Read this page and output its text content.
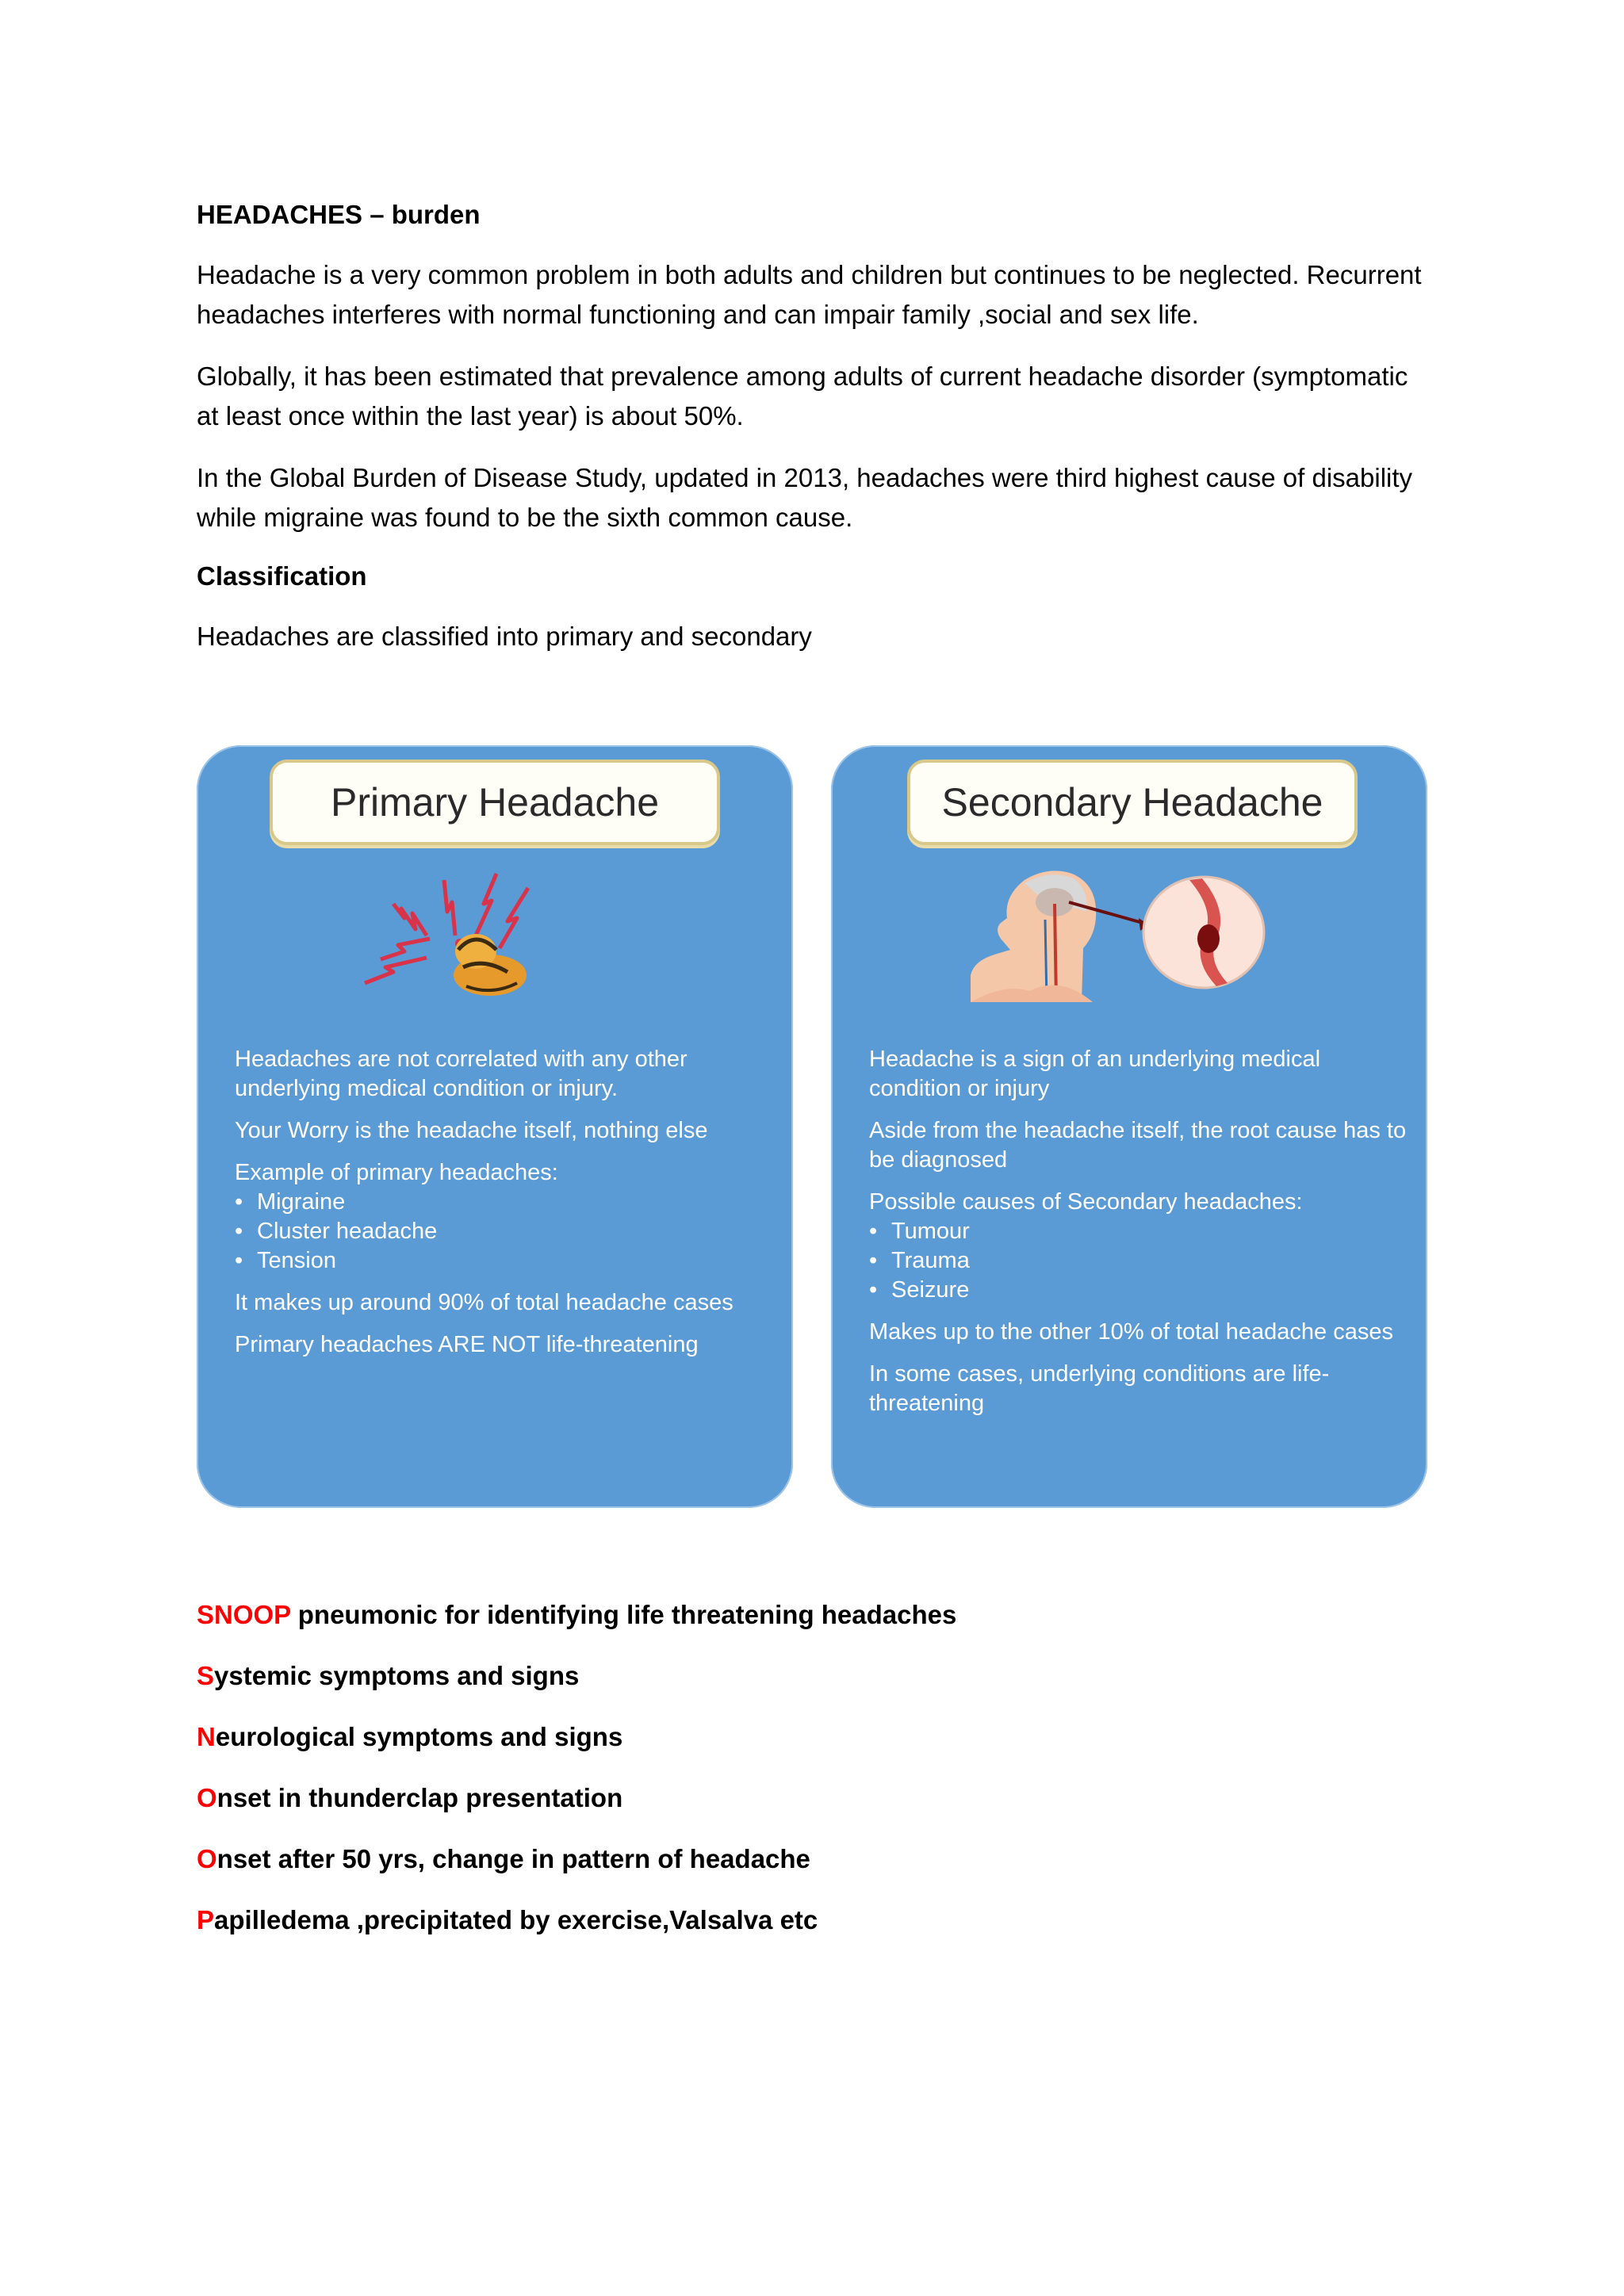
HEADACHES – burden

Headache is a very common problem in both adults and children but continues to be neglected. Recurrent headaches interferes with normal functioning and can impair family ,social and sex life.

Globally, it has been estimated that prevalence among adults of current headache disorder (symptomatic at least once within the last year) is about 50%.

In the Global Burden of Disease Study, updated in 2013, headaches were third highest cause of disability while migraine was found to be the sixth common cause.

Classification

Headaches are classified into primary and secondary

Primary Headache

Headaches are not correlated with any other underlying medical condition or injury.

Your Worry is the headache itself, nothing else

Example of primary headaches:

• Migraine
• Cluster headache
• Tension

It makes up around 90% of total headache cases

Primary headaches ARE NOT life-threatening

Secondary Headache

Headache is a sign of an underlying medical condition or injury

Aside from the headache itself, the root cause has to be diagnosed

Possible causes of Secondary headaches:

• Tumour
• Trauma
• Seizure

Makes up to the other 10% of total headache cases

In some cases, underlying conditions are life-threatening

SNOOP pneumonic for identifying life threatening headaches
Systemic symptoms and signs
Neurological symptoms and signs
Onset in thunderclap presentation
Onset after 50 yrs, change in pattern of headache
Papilledema ,precipitated by exercise,Valsalva etc
